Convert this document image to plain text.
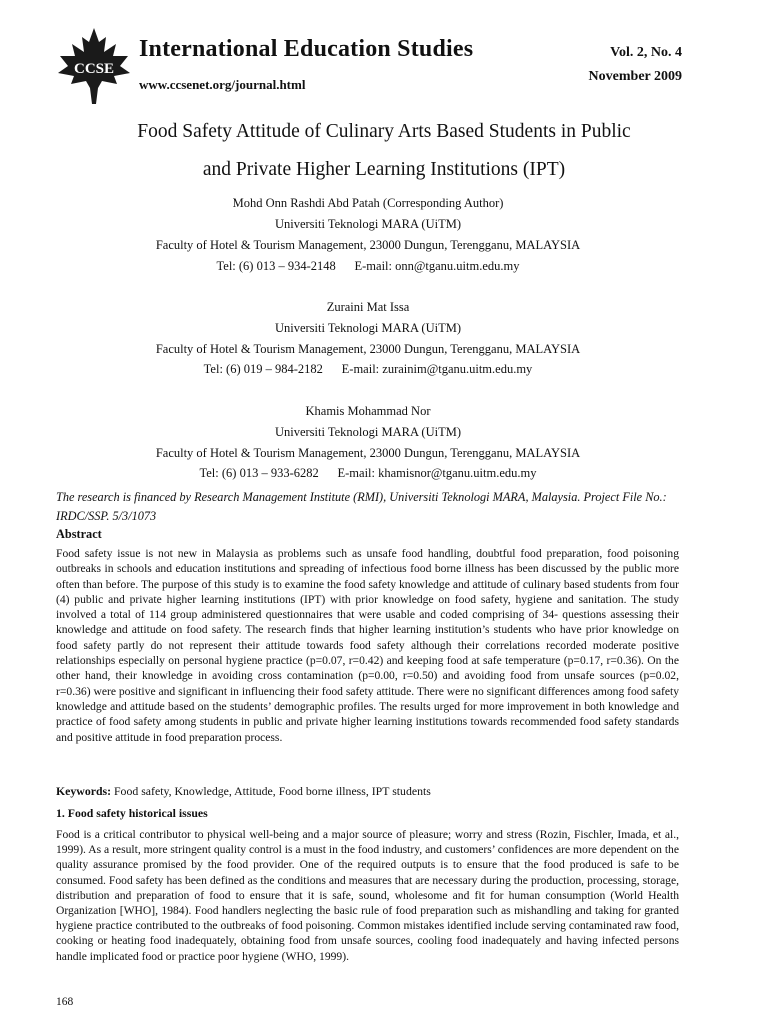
CCSE
International Education Studies
www.ccsenet.org/journal.html
Vol. 2, No. 4
November 2009
Food Safety Attitude of Culinary Arts Based Students in Public
and Private Higher Learning Institutions (IPT)
Mohd Onn Rashdi Abd Patah (Corresponding Author)
Universiti Teknologi MARA (UiTM)
Faculty of Hotel & Tourism Management, 23000 Dungun, Terengganu, MALAYSIA
Tel: (6) 013 – 934-2148      E-mail: onn@tganu.uitm.edu.my
Zuraini Mat Issa
Universiti Teknologi MARA (UiTM)
Faculty of Hotel & Tourism Management, 23000 Dungun, Terengganu, MALAYSIA
Tel: (6) 019 – 984-2182      E-mail: zurainim@tganu.uitm.edu.my
Khamis Mohammad Nor
Universiti Teknologi MARA (UiTM)
Faculty of Hotel & Tourism Management, 23000 Dungun, Terengganu, MALAYSIA
Tel: (6) 013 – 933-6282      E-mail: khamisnor@tganu.uitm.edu.my
The research is financed by Research Management Institute (RMI), Universiti Teknologi MARA, Malaysia. Project File No.: IRDC/SSP. 5/3/1073
Abstract

Food safety issue is not new in Malaysia as problems such as unsafe food handling, doubtful food preparation, food poisoning outbreaks in schools and education institutions and spreading of infectious food borne illness has been discussed by the public more often than before. The purpose of this study is to examine the food safety knowledge and attitude of culinary based students from four (4) public and private higher learning institutions (IPT) with prior knowledge on food safety, hygiene and sanitation. The study involved a total of 114 group administered questionnaires that were usable and coded comprising of 34- questions assessing their knowledge and attitude on food safety. The research finds that higher learning institution’s students who have prior knowledge on food safety partly do not represent their attitude towards food safety although their correlations recorded moderate positive relationships especially on personal hygiene practice (p=0.07, r=0.42) and keeping food at safe temperature (p=0.17, r=0.36). On the other hand, their knowledge in avoiding cross contamination (p=0.00, r=0.50) and avoiding food from unsafe sources (p=0.02, r=0.36) were positive and significant in influencing their food safety attitude. There were no significant differences among food safety knowledge and attitude based on the students’ demographic profiles. The results urged for more improvement in both knowledge and practice of food safety among students in public and private higher learning institutions towards recommended food safety standards and positive attitude in food preparation process.

Keywords: Food safety, Knowledge, Attitude, Food borne illness, IPT students
1. Food safety historical issues

Food is a critical contributor to physical well-being and a major source of pleasure; worry and stress (Rozin, Fischler, Imada, et al., 1999). As a result, more stringent quality control is a must in the food industry, and customers’ confidences are more dependent on the quality assurance promised by the food provider. One of the required outputs is to ensure that the food produced is safe to be consumed. Food safety has been defined as the conditions and measures that are necessary during the production, processing, storage, distribution and preparation of food to ensure that it is safe, sound, wholesome and fit for human consumption (World Health Organization [WHO], 1984). Food handlers neglecting the basic rule of food preparation such as mishandling and taking for granted hygiene practice contributed to the outbreaks of food poisoning. Common mistakes identified include serving contaminated raw food, cooking or heating food inadequately, obtaining food from unsafe sources, cooling food inadequately and having infected persons handle implicated food or practice poor hygiene (WHO, 1999).

168
